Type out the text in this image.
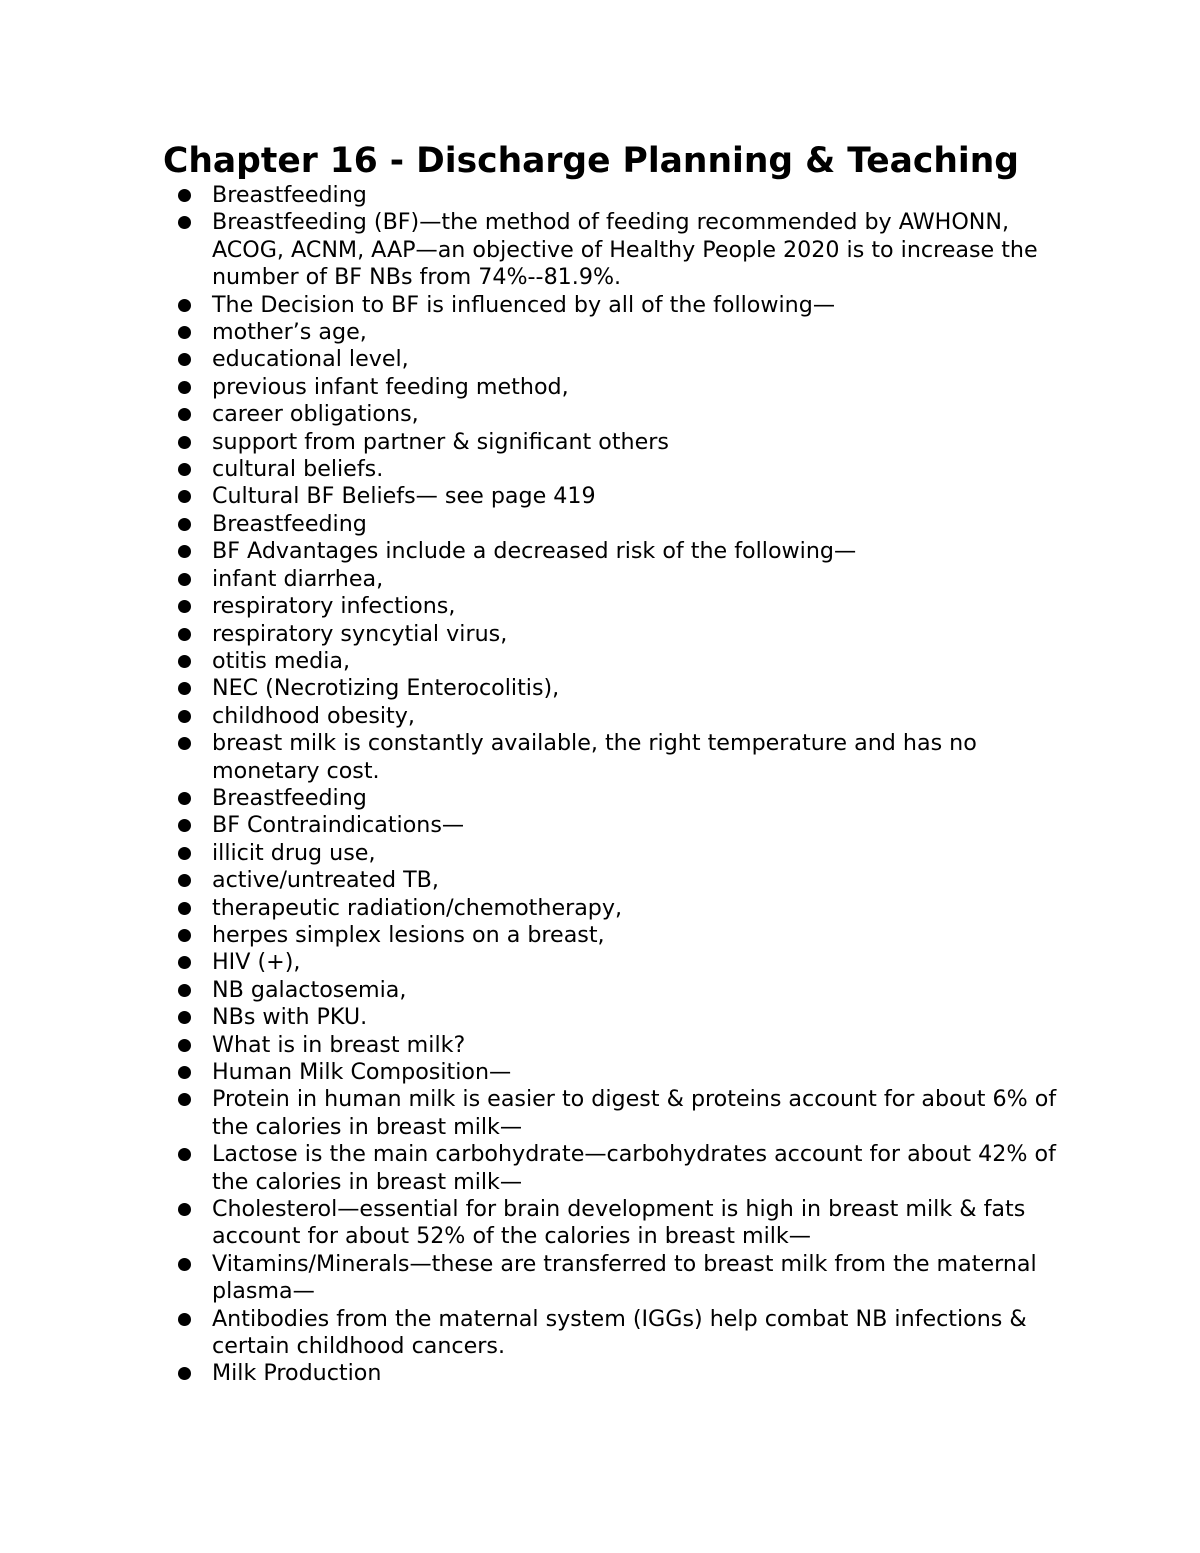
Chapter 16 - Discharge Planning & Teaching
Breastfeeding
Breastfeeding (BF)—the method of feeding recommended by AWHONN, ACOG, ACNM, AAP—an objective of Healthy People 2020 is to increase the number of BF NBs from 74%--81.9%.
The Decision to BF is influenced by all of the following—
mother’s age,
educational level,
previous infant feeding method,
career obligations,
support from partner & significant others
cultural beliefs.
Cultural BF Beliefs— see page 419
Breastfeeding
BF Advantages include a decreased risk of the following—
infant diarrhea,
respiratory infections,
respiratory syncytial virus,
otitis media,
NEC (Necrotizing Enterocolitis),
childhood obesity,
breast milk is constantly available, the right temperature and has no monetary cost.
Breastfeeding
BF Contraindications—
illicit drug use,
active/untreated TB,
therapeutic radiation/chemotherapy,
herpes simplex lesions on a breast,
HIV (+),
NB galactosemia,
NBs with PKU.
What is in breast milk?
Human Milk Composition—
Protein in human milk is easier to digest & proteins account for about 6% of the calories in breast milk—
Lactose is the main carbohydrate—carbohydrates account for about 42% of the calories in breast milk—
Cholesterol—essential for brain development is high in breast milk & fats account for about 52% of the calories in breast milk—
Vitamins/Minerals—these are transferred to breast milk from the maternal plasma—
Antibodies from the maternal system (IGGs) help combat NB infections & certain childhood cancers.
Milk Production
